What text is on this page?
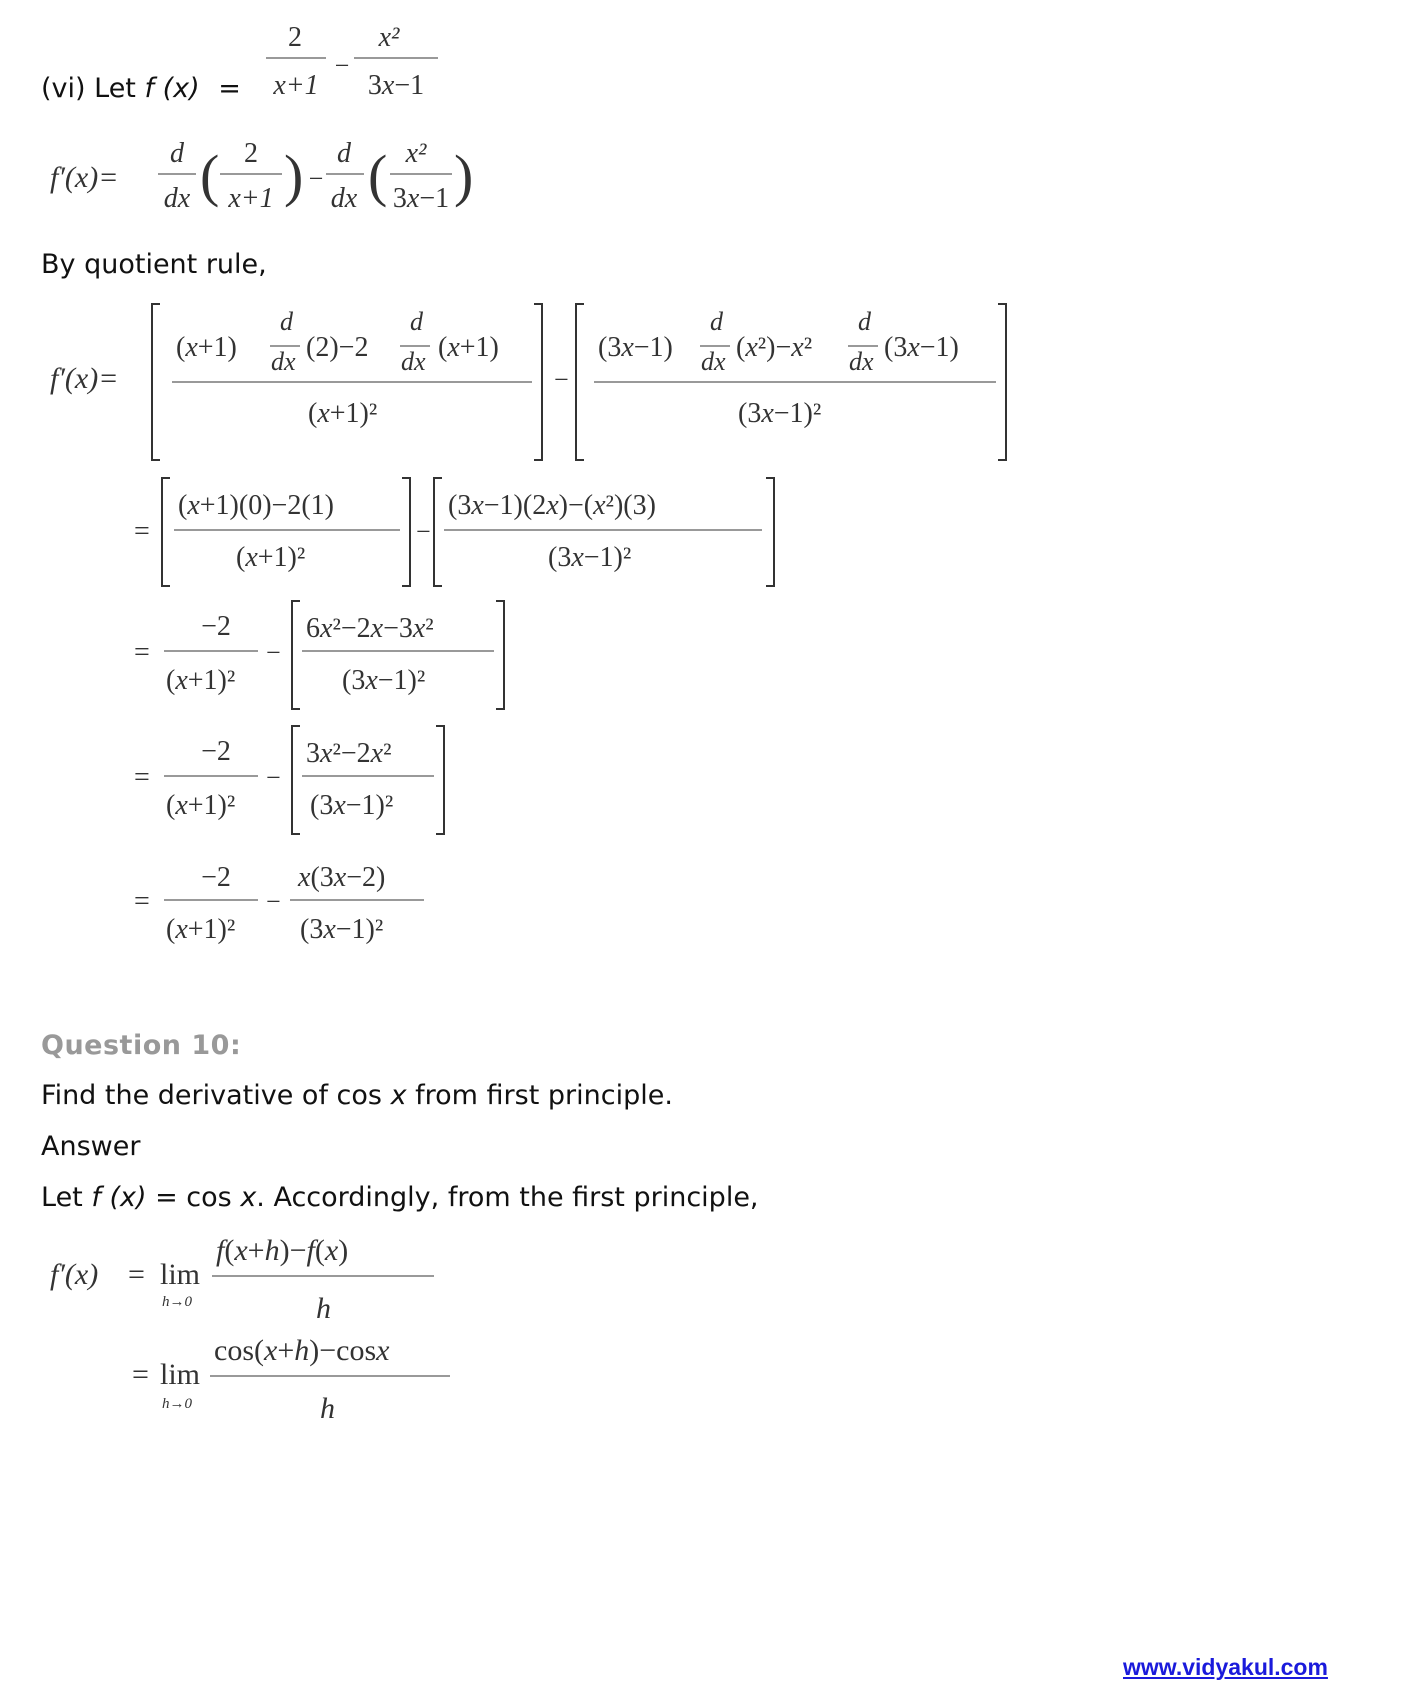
(vi) Let f (x) =
2
x+1
−
x²
3x−1
f′(x)=
d
dx ( 2
x+1 ) −
d
dx ( x²
3x−1 )
By quotient rule,
f′(x)=
(x+1)
d
dx (2)−2
d
dx (x+1)
(x+1)²
−
(3x−1)
d
dx (x²)−x²
d
dx (3x−1)
(3x−1)²
=
(x+1)(0)−2(1)
(x+1)²
−
(3x−1)(2x)−(x²)(3)
(3x−1)²
=
−2
(x+1)²
−
6x²−2x−3x²
(3x−1)²
=
−2
(x+1)²
−
3x²−2x²
(3x−1)²
=
−2
(x+1)²
−
x(3x−2)
(3x−1)²
Question 10:
Find the derivative of cos x from first principle.
Answer
Let f (x) = cos x. Accordingly, from the first principle,
f′(x) = lim
h→0
f(x+h)−f(x)
h
= lim
h→0
cos(x+h)−cosx
h
www.vidyakul.com
